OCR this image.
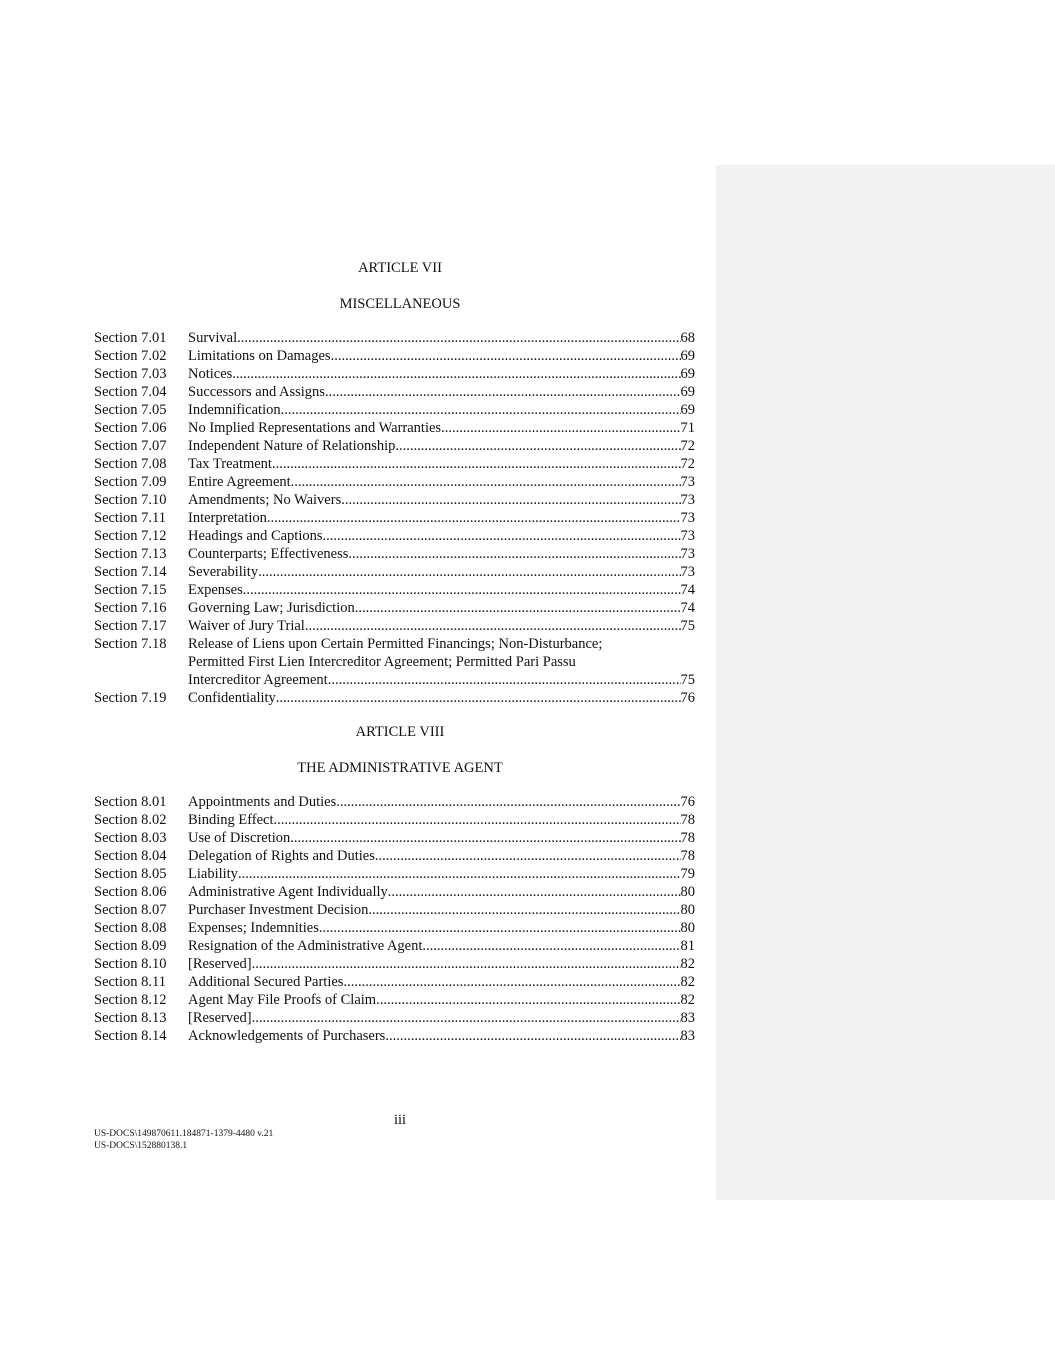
ARTICLE VII
MISCELLANEOUS
Section 7.01	Survival .....	68
Section 7.02	Limitations on Damages .....	69
Section 7.03	Notices .....	69
Section 7.04	Successors and Assigns .....	69
Section 7.05	Indemnification .....	69
Section 7.06	No Implied Representations and Warranties .....	71
Section 7.07	Independent Nature of Relationship .....	72
Section 7.08	Tax Treatment .....	72
Section 7.09	Entire Agreement .....	73
Section 7.10	Amendments; No Waivers .....	73
Section 7.11	Interpretation .....	73
Section 7.12	Headings and Captions .....	73
Section 7.13	Counterparts; Effectiveness .....	73
Section 7.14	Severability .....	73
Section 7.15	Expenses .....	74
Section 7.16	Governing Law; Jurisdiction .....	74
Section 7.17	Waiver of Jury Trial .....	75
Section 7.18	Release of Liens upon Certain Permitted Financings; Non-Disturbance;
Permitted First Lien Intercreditor Agreement; Permitted Pari Passu
Intercreditor Agreement .....	75
Section 7.19	Confidentiality .....	76
ARTICLE VIII
THE ADMINISTRATIVE AGENT
Section 8.01	Appointments and Duties .....	76
Section 8.02	Binding Effect .....	78
Section 8.03	Use of Discretion .....	78
Section 8.04	Delegation of Rights and Duties .....	78
Section 8.05	Liability .....	79
Section 8.06	Administrative Agent Individually .....	80
Section 8.07	Purchaser Investment Decision .....	80
Section 8.08	Expenses; Indemnities .....	80
Section 8.09	Resignation of the Administrative Agent .....	81
Section 8.10	[Reserved] .....	82
Section 8.11	Additional Secured Parties .....	82
Section 8.12	Agent May File Proofs of Claim .....	82
Section 8.13	[Reserved] .....	83
Section 8.14	Acknowledgements of Purchasers .....	83
iii
US-DOCS\149870611.184871-1379-4480 v.21
US-DOCS\152880138.1
